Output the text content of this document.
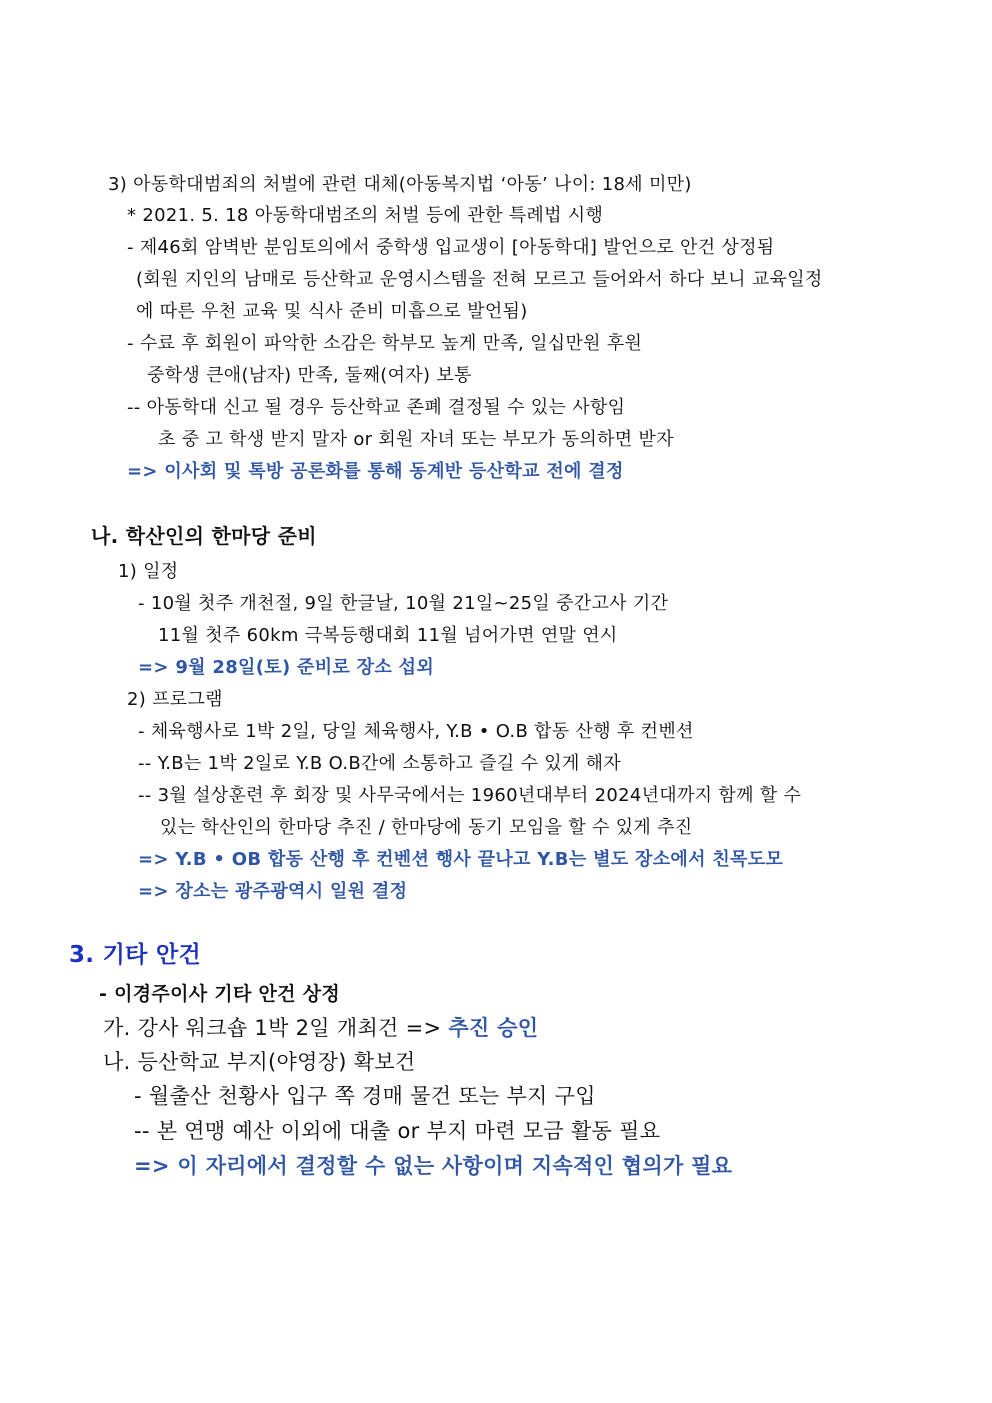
3) 아동학대범죄의 처벌에 관련 대체(아동복지법 ‘아동’ 나이: 18세 미만)
* 2021. 5. 18 아동학대범조의 처벌 등에 관한 특례법 시행
- 제46회 암벽반 분임토의에서 중학생 입교생이 [아동학대] 발언으로 안건 상정됨
(회원 지인의 남매로 등산학교 운영시스템을 전혀 모르고 들어와서 하다 보니 교육일정
에 따른 우천 교육 및 식사 준비 미흡으로 발언됨)
- 수료 후 회원이 파악한 소감은 학부모 높게 만족, 일십만원 후원
중학생 큰애(남자) 만족, 둘째(여자) 보통
-- 아동학대 신고 될 경우 등산학교 존폐 결정될 수 있는 사항임
초 중 고 학생 받지 말자 or 회원 자녀 또는 부모가 동의하면 받자
=> 이사회 및 톡방 공론화를 통해 동계반 등산학교 전에 결정
나. 학산인의 한마당 준비
1) 일정
- 10월 첫주 개천절, 9일 한글날, 10월 21일~25일 중간고사 기간
11월 첫주 60km 극복등행대회 11월 넘어가면 연말 연시
=> 9월 28일(토) 준비로 장소 섭외
2) 프로그램
- 체육행사로 1박 2일, 당일 체육행사, Y.B • O.B 합동 산행 후 컨벤션
-- Y.B는 1박 2일로 Y.B O.B간에 소통하고 즐길 수 있게 해자
-- 3월 설상훈련 후 회장 및 사무국에서는 1960년대부터 2024년대까지 함께 할 수
있는 학산인의 한마당 추진 / 한마당에 동기 모임을 할 수 있게 추진
=> Y.B • OB 합동 산행 후 컨벤션 행사 끝나고 Y.B는 별도 장소에서 친목도모
=> 장소는 광주광역시 일원 결정
3. 기타 안건
- 이경주이사 기타 안건 상정
가. 강사 워크숍 1박 2일 개최건 => 추진 승인
나. 등산학교 부지(야영장) 확보건
- 월출산 천황사 입구 쪽 경매 물건 또는 부지 구입
-- 본 연맹 예산 이외에 대출 or 부지 마련 모금 활동 필요
=> 이 자리에서 결정할 수 없는 사항이며 지속적인 협의가 필요
